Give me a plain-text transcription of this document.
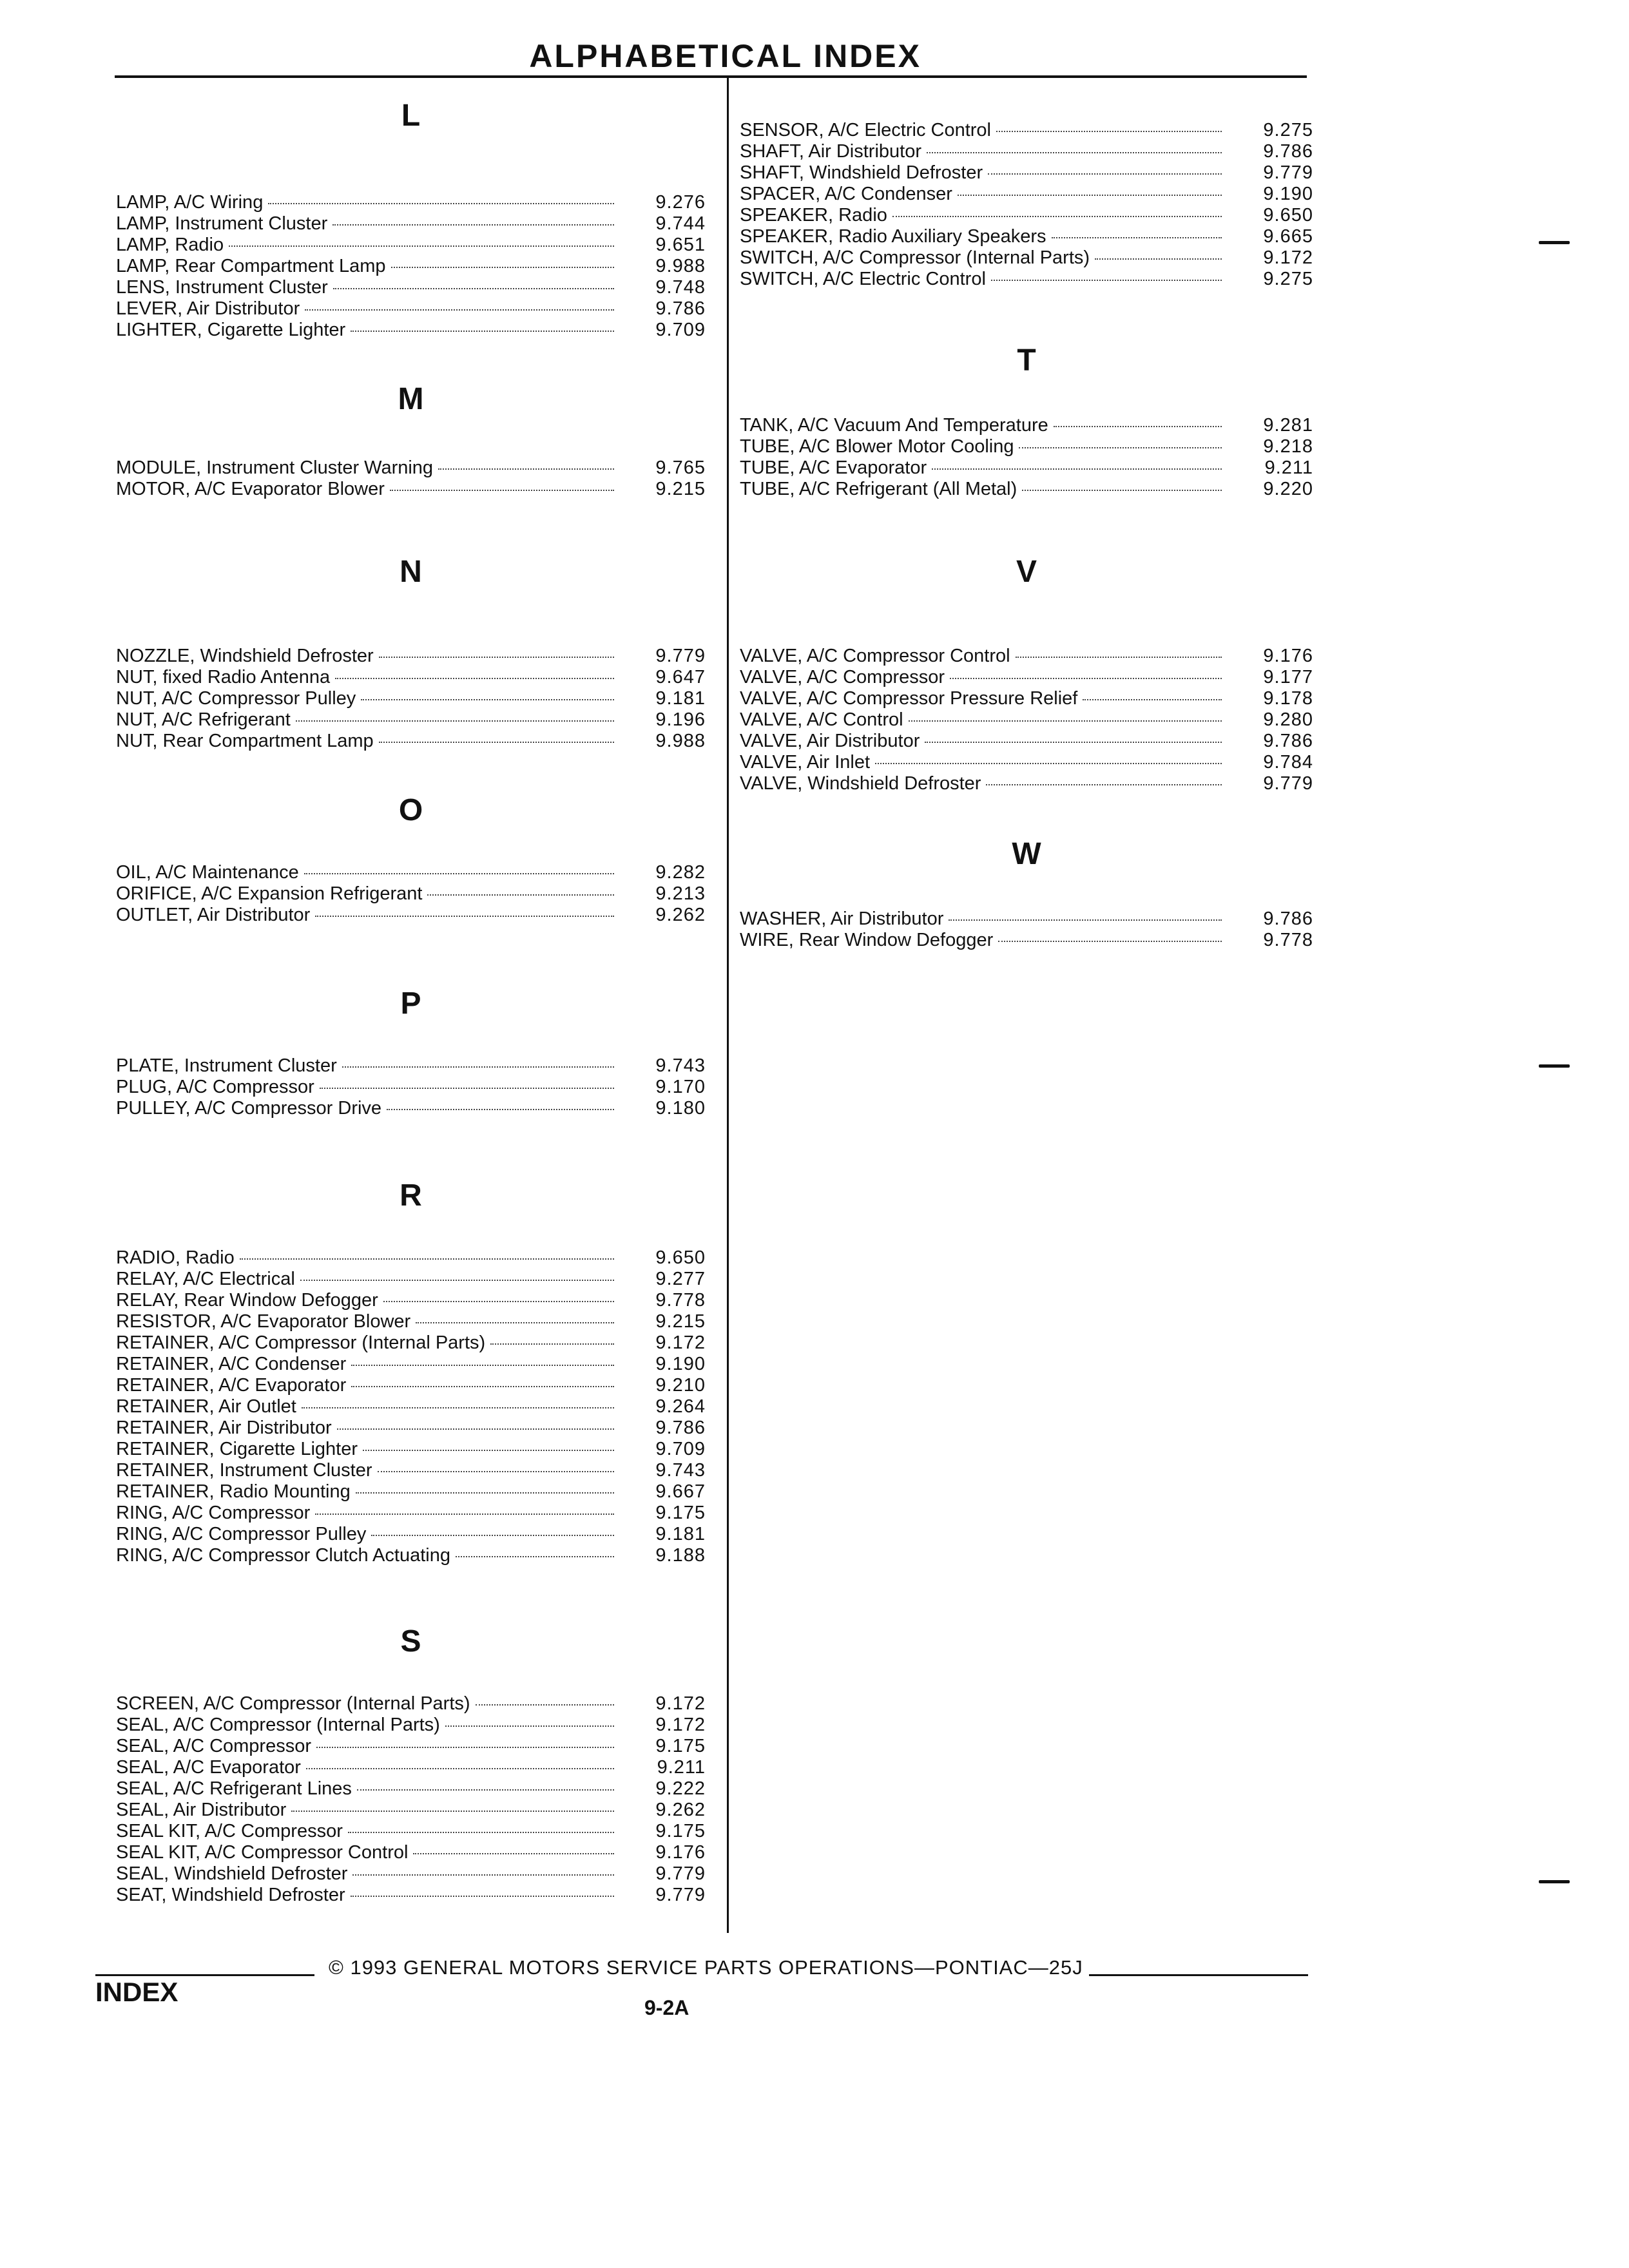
ALPHABETICAL INDEX
L
LAMP, A/C Wiring	9.276
LAMP, Instrument Cluster	9.744
LAMP, Radio	9.651
LAMP, Rear Compartment Lamp	9.988
LENS, Instrument Cluster	9.748
LEVER, Air Distributor	9.786
LIGHTER, Cigarette Lighter	9.709
M
MODULE, Instrument Cluster Warning	9.765
MOTOR, A/C Evaporator Blower	9.215
N
NOZZLE, Windshield Defroster	9.779
NUT, fixed Radio Antenna	9.647
NUT, A/C Compressor Pulley	9.181
NUT, A/C Refrigerant	9.196
NUT, Rear Compartment Lamp	9.988
O
OIL, A/C Maintenance	9.282
ORIFICE, A/C Expansion Refrigerant	9.213
OUTLET, Air Distributor	9.262
P
PLATE, Instrument Cluster	9.743
PLUG, A/C Compressor	9.170
PULLEY, A/C Compressor Drive	9.180
R
RADIO, Radio	9.650
RELAY, A/C Electrical	9.277
RELAY, Rear Window Defogger	9.778
RESISTOR, A/C Evaporator Blower	9.215
RETAINER, A/C Compressor (Internal Parts)	9.172
RETAINER, A/C Condenser	9.190
RETAINER, A/C Evaporator	9.210
RETAINER, Air Outlet	9.264
RETAINER, Air Distributor	9.786
RETAINER, Cigarette Lighter	9.709
RETAINER, Instrument Cluster	9.743
RETAINER, Radio Mounting	9.667
RING, A/C Compressor	9.175
RING, A/C Compressor Pulley	9.181
RING, A/C Compressor Clutch Actuating	9.188
S
SCREEN, A/C Compressor (Internal Parts)	9.172
SEAL, A/C Compressor (Internal Parts)	9.172
SEAL, A/C Compressor	9.175
SEAL, A/C Evaporator	9.211
SEAL, A/C Refrigerant Lines	9.222
SEAL, Air Distributor	9.262
SEAL KIT, A/C Compressor	9.175
SEAL KIT, A/C Compressor Control	9.176
SEAL, Windshield Defroster	9.779
SEAT, Windshield Defroster	9.779
SENSOR, A/C Electric Control	9.275
SHAFT, Air Distributor	9.786
SHAFT, Windshield Defroster	9.779
SPACER, A/C Condenser	9.190
SPEAKER, Radio	9.650
SPEAKER, Radio Auxiliary Speakers	9.665
SWITCH, A/C Compressor (Internal Parts)	9.172
SWITCH, A/C Electric Control	9.275
T
TANK, A/C Vacuum And Temperature	9.281
TUBE, A/C Blower Motor Cooling	9.218
TUBE, A/C Evaporator	9.211
TUBE, A/C Refrigerant (All Metal)	9.220
V
VALVE, A/C Compressor Control	9.176
VALVE, A/C Compressor	9.177
VALVE, A/C Compressor Pressure Relief	9.178
VALVE, A/C Control	9.280
VALVE, Air Distributor	9.786
VALVE, Air Inlet	9.784
VALVE, Windshield Defroster	9.779
W
WASHER, Air Distributor	9.786
WIRE, Rear Window Defogger	9.778
© 1993 GENERAL MOTORS SERVICE PARTS OPERATIONS—PONTIAC—25J
INDEX
9-2A
